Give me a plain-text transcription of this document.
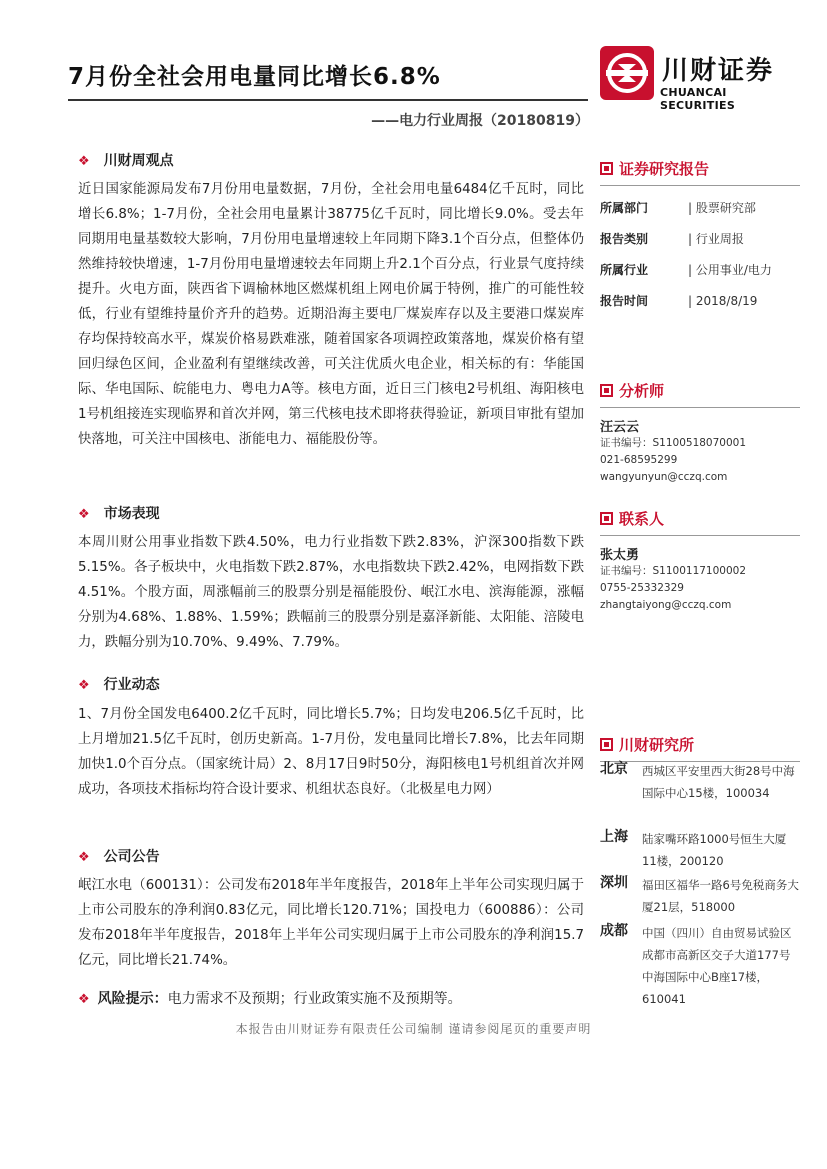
7月份全社会用电量同比增长6.8%
——电力行业周报（20180819）
川财证券
CHUANCAI SECURITIES
❖ 川财周观点
近日国家能源局发布7月份用电量数据，7月份，全社会用电量6484亿千瓦时，同比增长6.8%；1-7月份，全社会用电量累计38775亿千瓦时，同比增长9.0%。受去年同期用电量基数较大影响，7月份用电量增速较上年同期下降3.1个百分点，但整体仍然维持较快增速，1-7月份用电量增速较去年同期上升2.1个百分点，行业景气度持续提升。火电方面，陕西省下调榆林地区燃煤机组上网电价属于特例，推广的可能性较低，行业有望维持量价齐升的趋势。近期沿海主要电厂煤炭库存以及主要港口煤炭库存均保持较高水平，煤炭价格易跌难涨，随着国家各项调控政策落地，煤炭价格有望回归绿色区间，企业盈利有望继续改善，可关注优质火电企业，相关标的有：华能国际、华电国际、皖能电力、粤电力A等。核电方面，近日三门核电2号机组、海阳核电1号机组接连实现临界和首次并网，第三代核电技术即将获得验证，新项目审批有望加快落地，可关注中国核电、浙能电力、福能股份等。
❖ 市场表现
本周川财公用事业指数下跌4.50%，电力行业指数下跌2.83%，沪深300指数下跌5.15%。各子板块中，火电指数下跌2.87%，水电指数块下跌2.42%，电网指数下跌4.51%。个股方面，周涨幅前三的股票分别是福能股份、岷江水电、滨海能源，涨幅分别为4.68%、1.88%、1.59%；跌幅前三的股票分别是嘉泽新能、太阳能、涪陵电力，跌幅分别为10.70%、9.49%、7.79%。
❖ 行业动态
1、7月份全国发电6400.2亿千瓦时，同比增长5.7%；日均发电206.5亿千瓦时，比上月增加21.5亿千瓦时，创历史新高。1-7月份，发电量同比增长7.8%，比去年同期加快1.0个百分点。（国家统计局）2、8月17日9时50分，海阳核电1号机组首次并网成功，各项技术指标均符合设计要求、机组状态良好。（北极星电力网）
❖ 公司公告
岷江水电（600131）：公司发布2018年半年度报告，2018年上半年公司实现归属于上市公司股东的净利润0.83亿元，同比增长120.71%；国投电力（600886）：公司发布2018年半年度报告，2018年上半年公司实现归属于上市公司股东的净利润15.7亿元，同比增长21.74%。
❖ 风险提示：电力需求不及预期；行业政策实施不及预期等。
证券研究报告
所属部门	| 股票研究部
报告类别	| 行业周报
所属行业	| 公用事业/电力
报告时间	| 2018/8/19
分析师
汪云云
证书编号：S1100518070001
021-68595299
wangyunyun@cczq.com
联系人
张太勇
证书编号：S1100117100002
0755-25332329
zhangtaiyong@cczq.com
川财研究所
北京 西城区平安里西大街28号中海国际中心15楼，100034
上海 陆家嘴环路1000号恒生大厦11楼，200120
深圳 福田区福华一路6号免税商务大厦21层，518000
成都 中国（四川）自由贸易试验区成都市高新区交子大道177号中海国际中心B座17楼，610041
本报告由川财证券有限责任公司编制 谨请参阅尾页的重要声明
